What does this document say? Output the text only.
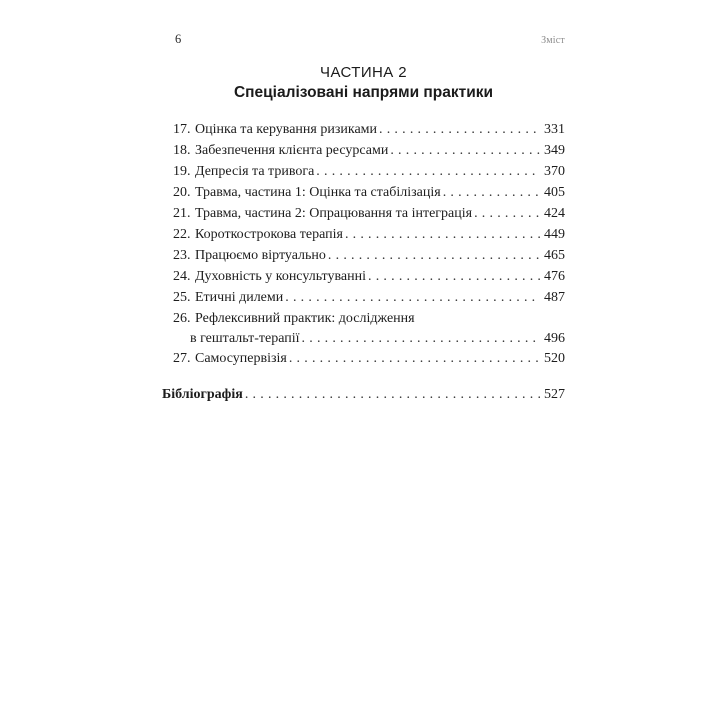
6	Зміст
ЧАСТИНА 2
Спеціалізовані напрями практики
17. Оцінка та керування ризиками .....	331
18. Забезпечення клієнта ресурсами .....	349
19. Депресія та тривога .....	370
20. Травма, частина 1: Оцінка та стабілізація .....	405
21. Травма, частина 2: Опрацювання та інтеграція .....	424
22. Короткострокова терапія .....	449
23. Працюємо віртуально .....	465
24. Духовність у консультуванні .....	476
25. Етичні дилеми .....	487
26. Рефлексивний практик: дослідження
в гештальт-терапії .....	496
27. Самосупервізія .....	520
Бібліографія .....	527
